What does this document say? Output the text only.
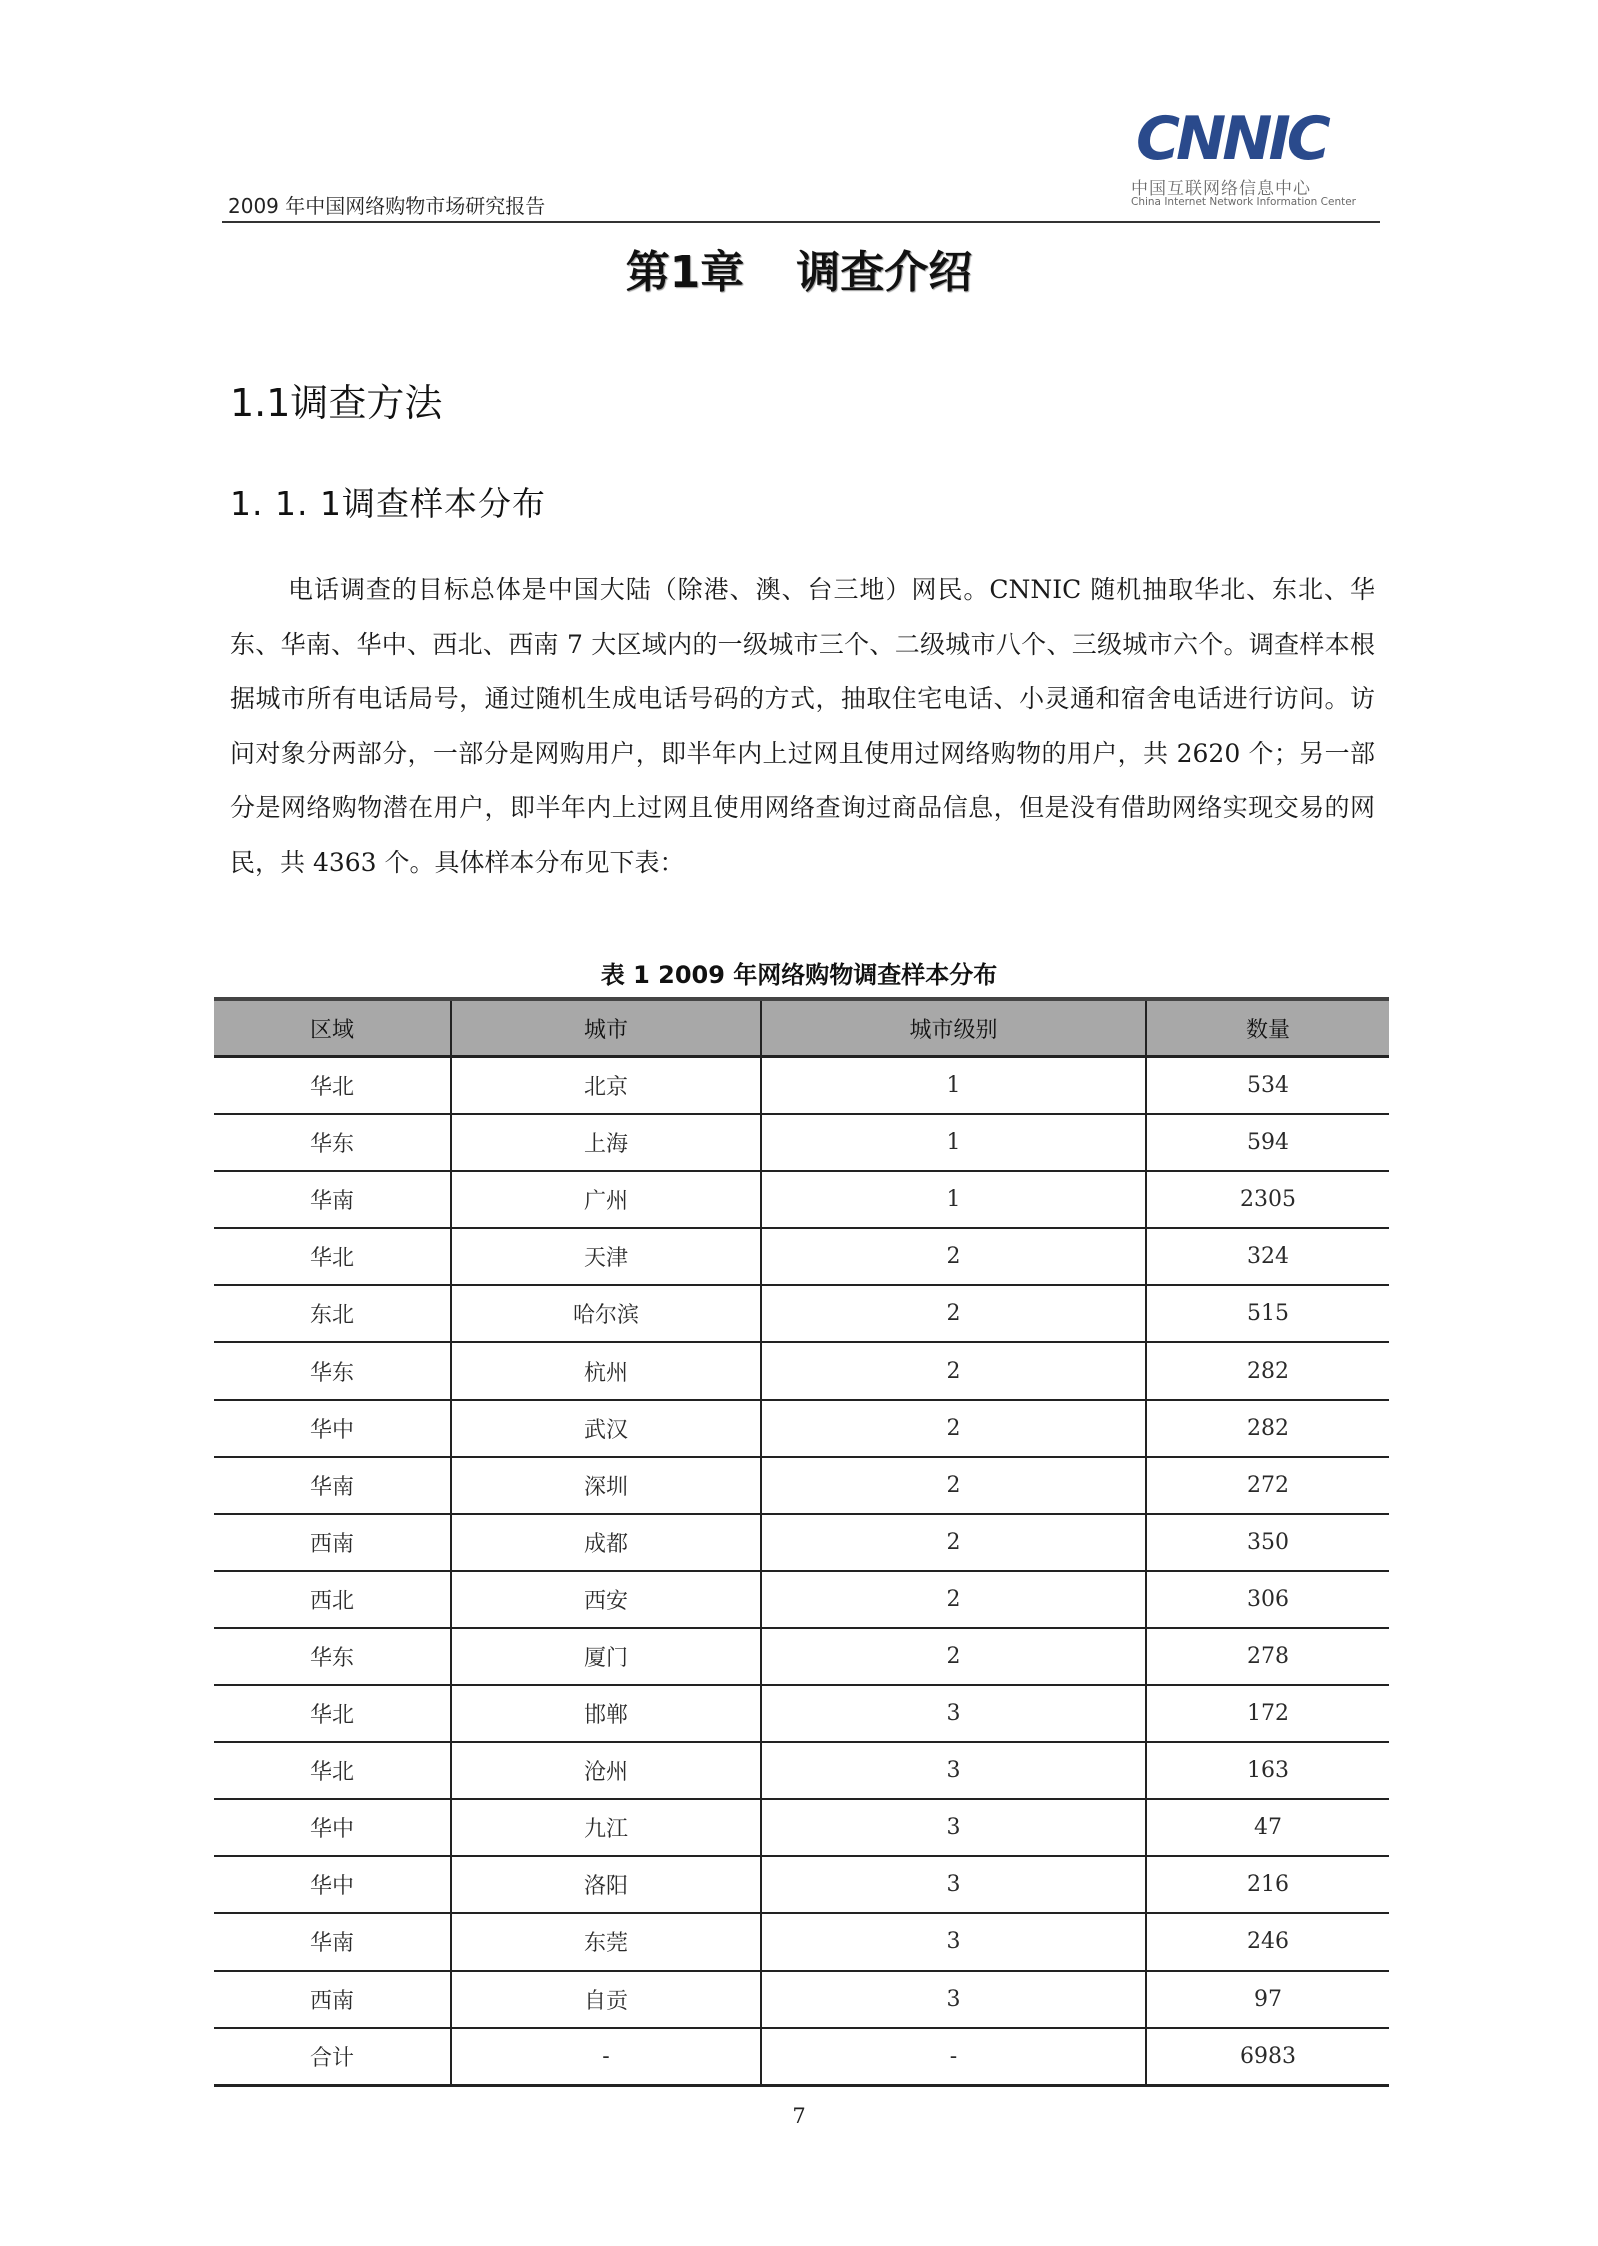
2009 年中国网络购物市场研究报告
CNNIC
中国互联网络信息中心
China Internet Network Information Center
第1章 调查介绍
1.1调查方法
1. 1. 1调查样本分布

电话调查的目标总体是中国大陆（除港、澳、台三地）网民。CNNIC 随机抽取华北、东北、华东、华南、华中、西北、西南 7 大区域内的一级城市三个、二级城市八个、三级城市六个。调查样本根据城市所有电话局号，通过随机生成电话号码的方式，抽取住宅电话、小灵通和宿舍电话进行访问。访问对象分两部分，一部分是网购用户，即半年内上过网且使用过网络购物的用户，共 2620 个；另一部分是网络购物潜在用户，即半年内上过网且使用网络查询过商品信息，但是没有借助网络实现交易的网民，共 4363 个。具体样本分布见下表：

表 1 2009 年网络购物调查样本分布
区域	城市	城市级别	数量
华北	北京	1	534
华东	上海	1	594
华南	广州	1	2305
华北	天津	2	324
东北	哈尔滨	2	515
华东	杭州	2	282
华中	武汉	2	282
华南	深圳	2	272
西南	成都	2	350
西北	西安	2	306
华东	厦门	2	278
华北	邯郸	3	172
华北	沧州	3	163
华中	九江	3	47
华中	洛阳	3	216
华南	东莞	3	246
西南	自贡	3	97
合计	-	-	6983
7
